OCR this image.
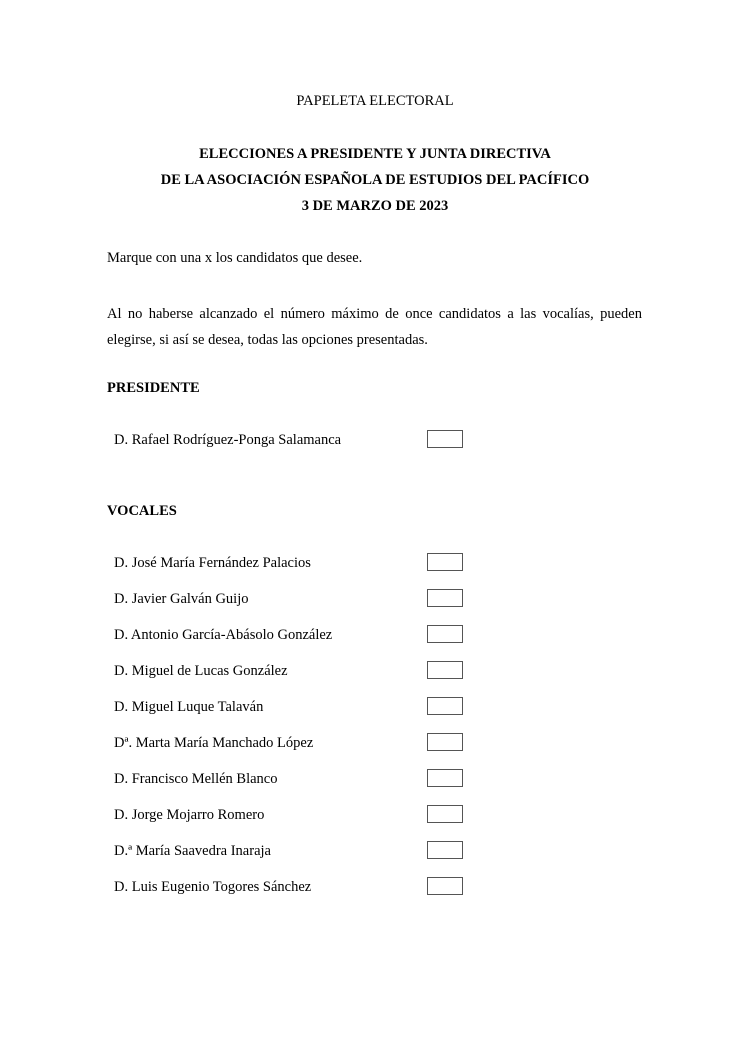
PAPELETA ELECTORAL
ELECCIONES A PRESIDENTE Y JUNTA DIRECTIVA
DE LA ASOCIACIÓN ESPAÑOLA DE ESTUDIOS DEL PACÍFICO
3 DE MARZO DE 2023
Marque con una x los candidatos que desee.
Al no haberse alcanzado el número máximo de once candidatos a las vocalías, pueden elegirse, si así se desea, todas las opciones presentadas.
PRESIDENTE
D. Rafael Rodríguez-Ponga Salamanca
VOCALES
D. José María Fernández Palacios
D. Javier Galván Guijo
D. Antonio García-Abásolo González
D. Miguel de Lucas González
D. Miguel Luque Talaván
Dª. Marta María Manchado López
D. Francisco Mellén Blanco
D. Jorge Mojarro Romero
D.ª María Saavedra Inaraja
D. Luis Eugenio Togores Sánchez
